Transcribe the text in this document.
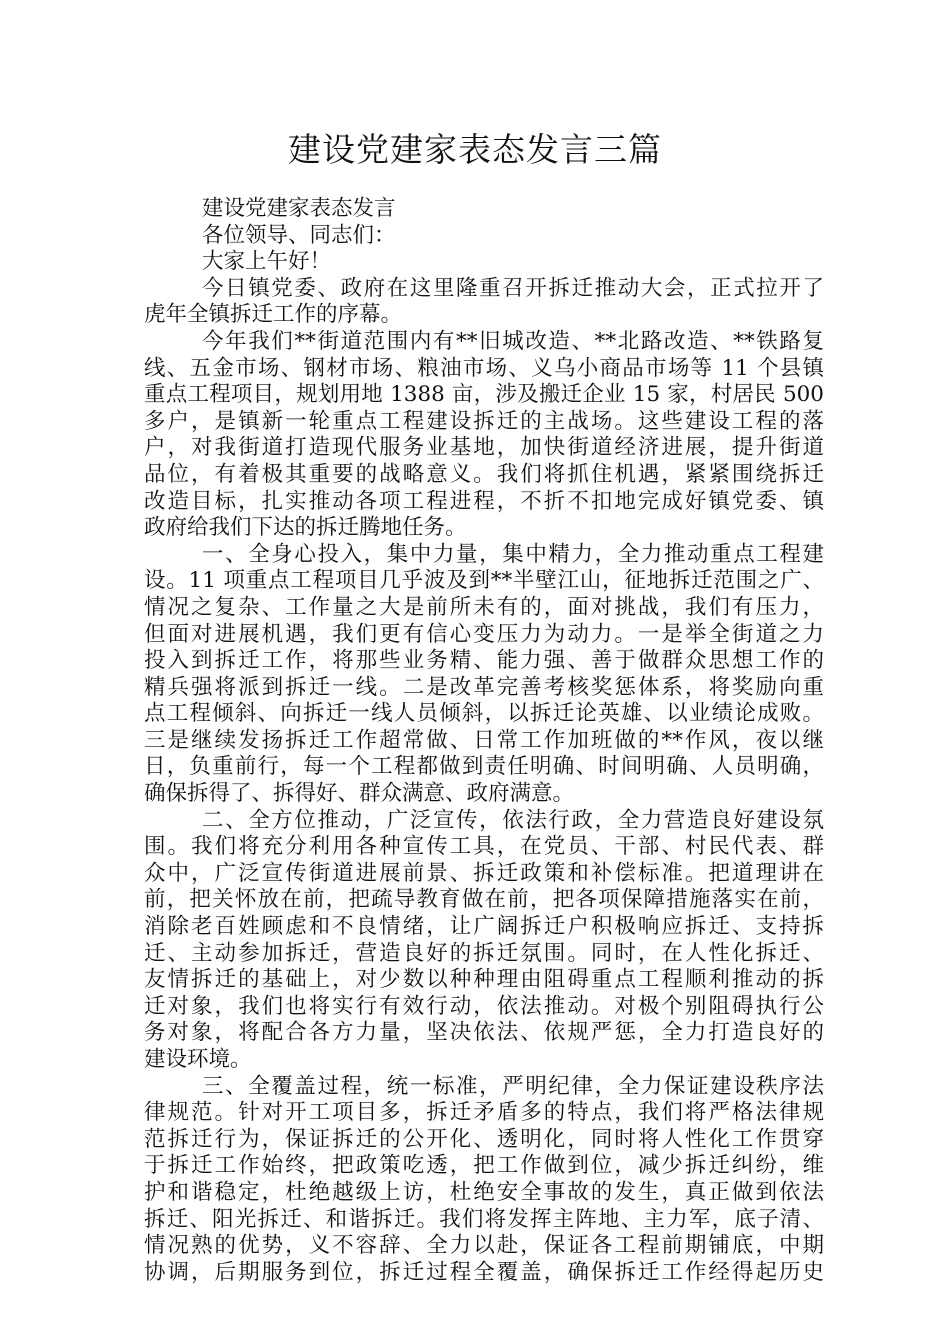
建设党建家表态发言三篇
建设党建家表态发言
各位领导、同志们：
大家上午好！
今日镇党委、政府在这里隆重召开拆迁推动大会，正式拉开了
虎年全镇拆迁工作的序幕。
今年我们**街道范围内有**旧城改造、**北路改造、**铁路复
线、五金市场、钢材市场、粮油市场、义乌小商品市场等 11 个县镇
重点工程项目，规划用地 1388 亩，涉及搬迁企业 15 家，村居民 500
多户，是镇新一轮重点工程建设拆迁的主战场。这些建设工程的落
户，对我街道打造现代服务业基地，加快街道经济进展，提升街道
品位，有着极其重要的战略意义。我们将抓住机遇，紧紧围绕拆迁
改造目标，扎实推动各项工程进程，不折不扣地完成好镇党委、镇
政府给我们下达的拆迁腾地任务。
一、全身心投入，集中力量，集中精力，全力推动重点工程建
设。11 项重点工程项目几乎波及到**半壁江山，征地拆迁范围之广、
情况之复杂、工作量之大是前所未有的，面对挑战，我们有压力，
但面对进展机遇，我们更有信心变压力为动力。一是举全街道之力
投入到拆迁工作，将那些业务精、能力强、善于做群众思想工作的
精兵强将派到拆迁一线。二是改革完善考核奖惩体系，将奖励向重
点工程倾斜、向拆迁一线人员倾斜，以拆迁论英雄、以业绩论成败。
三是继续发扬拆迁工作超常做、日常工作加班做的**作风，夜以继
日，负重前行，每一个工程都做到责任明确、时间明确、人员明确，
确保拆得了、拆得好、群众满意、政府满意。
二、全方位推动，广泛宣传，依法行政，全力营造良好建设氛
围。我们将充分利用各种宣传工具，在党员、干部、村民代表、群
众中，广泛宣传街道进展前景、拆迁政策和补偿标准。把道理讲在
前，把关怀放在前，把疏导教育做在前，把各项保障措施落实在前，
消除老百姓顾虑和不良情绪，让广阔拆迁户积极响应拆迁、支持拆
迁、主动参加拆迁，营造良好的拆迁氛围。同时，在人性化拆迁、
友情拆迁的基础上，对少数以种种理由阻碍重点工程顺利推动的拆
迁对象，我们也将实行有效行动，依法推动。对极个别阻碍执行公
务对象，将配合各方力量，坚决依法、依规严惩，全力打造良好的
建设环境。
三、全覆盖过程，统一标准，严明纪律，全力保证建设秩序法
律规范。针对开工项目多，拆迁矛盾多的特点，我们将严格法律规
范拆迁行为，保证拆迁的公开化、透明化，同时将人性化工作贯穿
于拆迁工作始终，把政策吃透，把工作做到位，减少拆迁纠纷，维
护和谐稳定，杜绝越级上访，杜绝安全事故的发生，真正做到依法
拆迁、阳光拆迁、和谐拆迁。我们将发挥主阵地、主力军，底子清、
情况熟的优势，义不容辞、全力以赴，保证各工程前期铺底，中期
协调，后期服务到位，拆迁过程全覆盖，确保拆迁工作经得起历史
